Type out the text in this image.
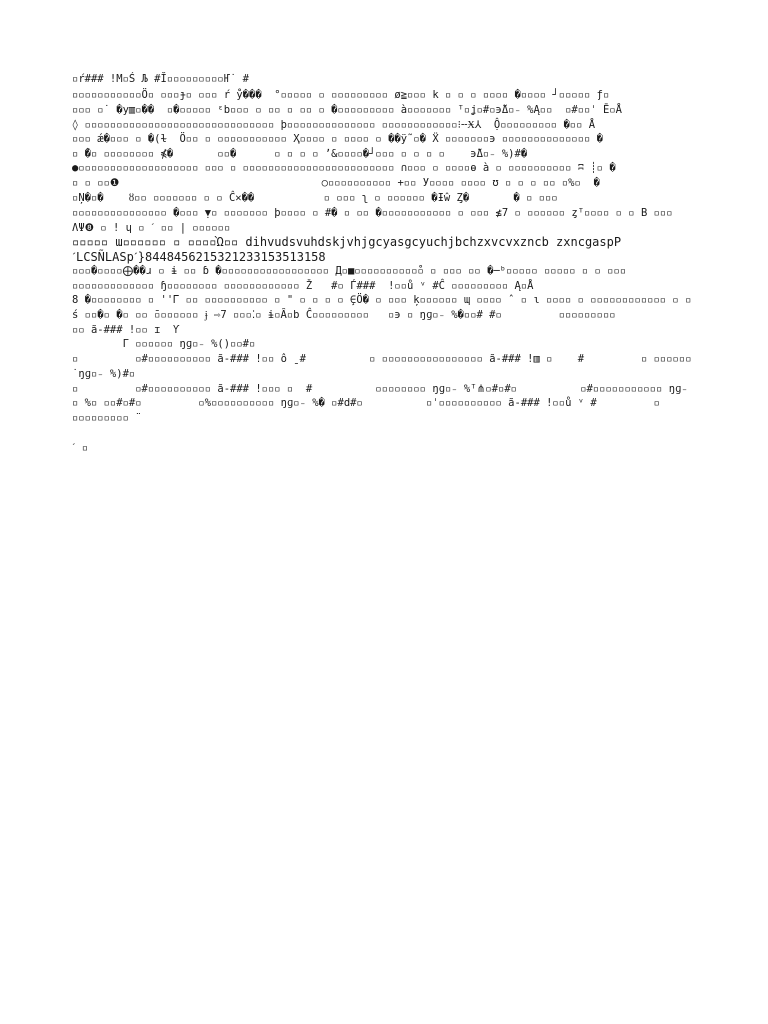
▫ŕ### !M▫Ś Љ #Ĭ▫▫▫▫▫▫▫▫▫Ҥ˙ #
▫▫▫▫▫▫▫▫▫▫▫Ö▫ ▫▫▫ɟ▫ ▫▫▫ ŕ ẙ���  °▫▫▫▫▫ ▫ ▫▫▫▫▫▫▫▫▫ ø≧▫▫▫ k ▫ ▫ ▫ ▫▫▫▫ �▫▫▫▫ ┘▫▫▫▫▫ ƒ▫
▫▫▫ ▫˙ �у▥▫��  ▫�▫▫▫▫▫ ᵋb▫▫▫ ▫ ▫▫ ▫ ▫▫ ▫ �▫▫▫▫▫▫▫▫▫ à▫▫▫▫▫▫▫ ᵀ▫ʝ▫#▫϶̃Δ▫₋ %Ą▫▫  ▫#▫▫ˈ Ē▫Å
◊ ▫▫▫▫▫▫▫▫▫▫▫▫▫▫▫▫▫▫▫▫▫▫▫▫▫▫▫▫▫▫ þ▫▫▫▫▫▫▫▫▫▫▫▫▫▫ ▫▫▫▫▫▫▫▫▫▫▫▫⁝╌Ӿ⅄  Ộ▫▫▫▫▫▫▫▫▫ �▫▫ Å
▫▫▫ ǽ�▫▫▫ ▫ �(ɫ  Ö▫▫ ▫ ▫▫▫▫▫▫▫▫▫▫▫ Ҳ▫▫▫▫ ▫ ▫▫▫▫ ▫ ��ÿ̃ ▫� Ẍ ▫▫▫▫▫▫▫϶ ▫▫▫▫▫▫▫▫▫▫▫▫▫▫ �
▫ ̃�▫ ▫▫▫▫▫▫▫▫ ⋠�       ▫▫�      ▫ ▫ ▫ ▫ ʼ&▫▫▫▫�┘▫▫▫ ▫ ▫ ▫ ▫    ϶̃Δ▫₋ %)#�
●▫▫▫▫▫▫▫▫▫▫▫▫▫▫▫▫▫▫▫ ▫▫▫ ▫ ▫▫▫▫▫▫▫▫▫▫▫▫▫▫▫▫▫▫▫▫▫▫▫▫ ∩▫▫▫ ▫ ▫▫▫▫ɵ à ▫ ▫▫▫▫▫▫▫▫▫▫ ʭ ┊▫ �
▫ ▫ ▫▫❶                                ○▫▫▫▫▫▫▫▫▫▫ +▫▫ У▫▫▫▫ ▫▫▫▫ ʊ ▫ ▫ ▫ ▫▫ ▫%▫  �
▫Ņ�▫�    ȣ▫▫ ▫▫▫▫▫▫▫ ▫ ▫ Ĉ✕��           ▫ ▫▫▫ ʅ ▫ ▫▫▫▫▫▫ �Ɨŵ Ȥ�       � ▫ ▫▫▫
▫▫▫▫▫▫▫▫▫▫▫▫▫▫▫ �▫▫▫ ̣▼▫ ▫▫▫▫▫▫▫ þ▫▫▫▫ ▫ #� ▫ ▫▫ �▫▫▫▫▫▫▫▫▫▫▫ ▫ ▫▫▫ ≰7 ▫ ▫▫▫▫▫▫ ȥᵀ▫▫▫▫ ▫ ▫ B ▫▫▫
ɅΨ❽ ▫ ! ɥ ▫ ˊ ▫▫ | ▫▫▫▫▫▫
▫▫▫▫▫ ɯ▫▫▫▫▫▫ ▫ ▫▫▫▫Ὼ▫▫ dihvudsvuhdskjvhjgcyasgcyuchjbchzxvcvxzncb zxncgaspP
ˊLCSÑLASpˊ}844845621532123315351315‌8
▫▫▫�▫▫▫▫⨁��ɹ ▫ ɨ ▫▫ ɓ �▫▫▫▫▫▫▫▫▫▫▫▫▫▫▫▫▫ Д▫■▫▫▫▫▫▫▫▫▫▫̊▫ ▫ ▫▫▫ ▫▫ �─ᵇ▫▫▫▫▫ ▫▫▫▫▫ ▫ ▫ ▫▫▫
▫▫▫▫▫▫▫▫▫▫▫▫▫ ɧ▫▫▫▫▫▫▫▫ ▫▫▫▫▫▫▫▫▫▫▫▫ Ž   #▫ Ѓ###  !▫▫ů ᵛ #Ĉ ▫▫▫▫▫▫▫▫▫ Ą▫Å
8 �▫▫▫▫▫▫▫▫ ▫ ''Ꮁ ▫▫ ▫▫▫▫▫▫▫▫▫▫ ▫ " ▫ ▫ ▫ ▫ ̧∈Ö� ▫ ▫▫▫ ķ▫▫▫▫▫▫ ɰ ▫▫▫▫ ˆ ▫ ɩ ▫▫▫▫ ▫ ▫▫▫▫▫▫▫▫▫▫▫▫ ▫ ▫
ś ▫▫�▫ �▫ ▫▫ ̄▫▫▫▫▫▫▫ ɉ ⇨7 ▫▫▫⁚▫ ɨ▫Ȃ▫b Ĉ▫▫▫▫▫▫▫▫▫   ▫϶ ▫ ŋɡ▫₋ %�▫▫# #▫         ▫▫▫▫▫▫▫▫▫
▫▫ ã-### !▫▫ ɪ  Ƴ
Γ ▫▫▫▫▫▫ ŋɡ▫₋ %()▫▫#▫
▫         ▫#▫▫▫▫▫▫▫▫▫▫ ã-### !▫▫ ô ̱ #          ▫ ▫▫▫▫▫▫▫▫▫▫▫▫▫▫▫▫ ã-### !▥ ▫    #         ▫ ▫▫▫▫▫▫
˙ŋɡ▫₋ %)#▫
▫         ▫#▫▫▫▫▫▫▫▫▫▫ ã-### !▫▫▫ ▫  #          ▫▫▫▫▫▫▫▫ ŋɡ▫₋ %ᵀ⋔▫#▫#▫          ▫#▫▫▫▫▫▫▫▫▫▫▫ ŋɡ₋
▫ %▫ ▫▫#▫#▫         ▫%▫▫▫▫▫▫▫▫▫▫ ŋɡ▫₋ %� ▫#d#▫          ▫ˈ▫▫▫▫▫▫▫▫▫▫ ã-### !▫▫ů ᵛ #         ▫
▫▫▫▫▫▫▫▫▫ ̈
ˊ ▫
